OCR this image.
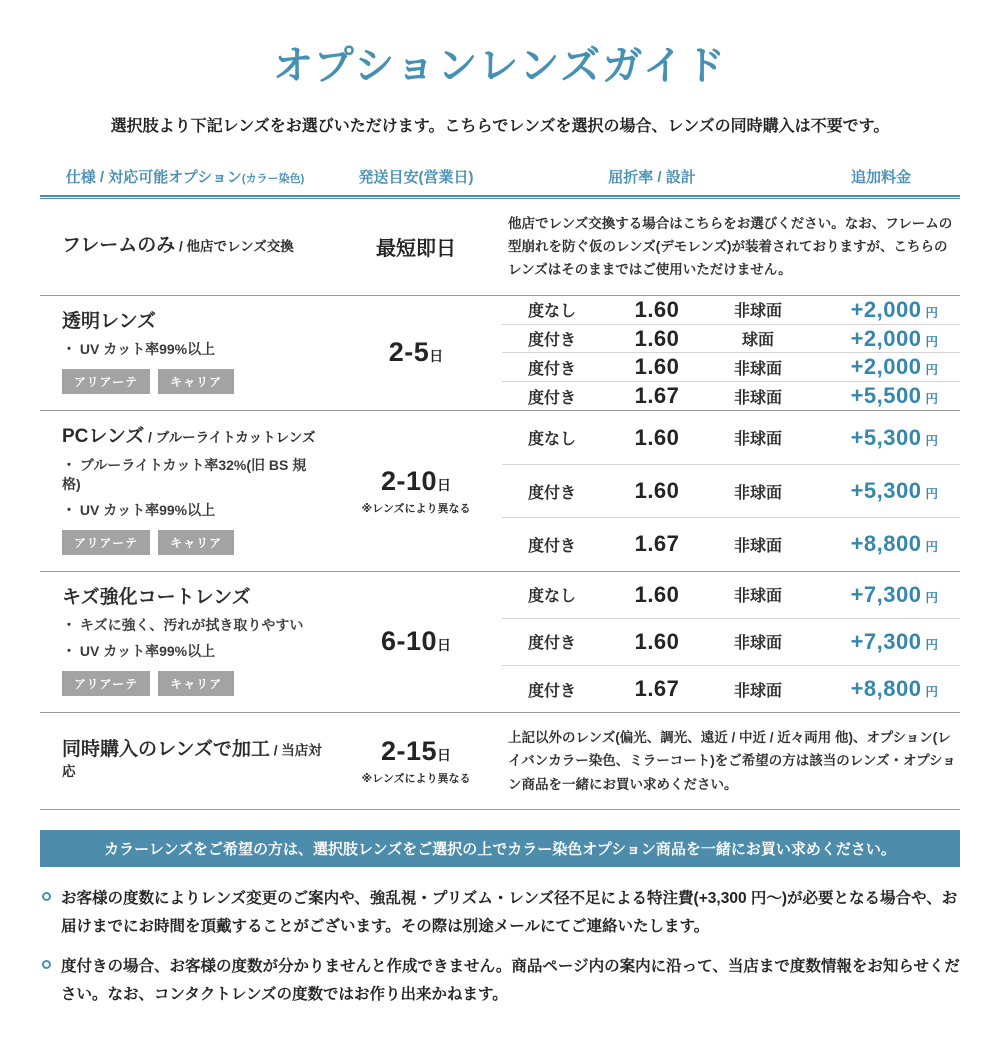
オプションレンズガイド

選択肢より下記レンズをお選びいただけます。こちらでレンズを選択の場合、レンズの同時購入は不要です。

仕様 / 対応可能オプション(カラー染色)	発送目安(営業日)	屈折率 / 設計	追加料金
フレームのみ / 他店でレンズ交換	最短即日
他店でレンズ交換する場合はこちらをお選びください。なお、フレームの型崩れを防ぐ仮のレンズ(デモレンズ)が装着されておりますが、こちらのレンズはそのままではご使用いただけません。
透明レンズ
・ UV カット率99%以上
アリアーテ	キャリア
2-5日
度なし	1.60	非球面	+2,000 円
度付き	1.60	球面	+2,000 円
度付き	1.60	非球面	+2,000 円
度付き	1.67	非球面	+5,500 円
PCレンズ / ブルーライトカットレンズ
・ ブルーライトカット率32%(旧 BS 規格)
・ UV カット率99%以上
アリアーテ	キャリア
2-10日
※レンズにより異なる
度なし	1.60	非球面	+5,300 円
度付き	1.60	非球面	+5,300 円
度付き	1.67	非球面	+8,800 円
キズ強化コートレンズ
・ キズに強く、汚れが拭き取りやすい
・ UV カット率99%以上
アリアーテ	キャリア
6-10日
度なし	1.60	非球面	+7,300 円
度付き	1.60	非球面	+7,300 円
度付き	1.67	非球面	+8,800 円
同時購入のレンズで加工 / 当店対応
2-15日
※レンズにより異なる
上記以外のレンズ(偏光、調光、遠近 / 中近 / 近々両用 他)、オプション(レイバンカラー染色、ミラーコート)をご希望の方は該当のレンズ・オプション商品を一緒にお買い求めください。
カラーレンズをご希望の方は、選択肢レンズをご選択の上でカラー染色オプション商品を一緒にお買い求めください。

お客様の度数によりレンズ変更のご案内や、強乱視・プリズム・レンズ径不足による特注費(+3,300 円〜)が必要となる場合や、お届けまでにお時間を頂戴することがございます。その際は別途メールにてご連絡いたします。

度付きの場合、お客様の度数が分かりませんと作成できません。商品ページ内の案内に沿って、当店まで度数情報をお知らせください。なお、コンタクトレンズの度数ではお作り出来かねます。
